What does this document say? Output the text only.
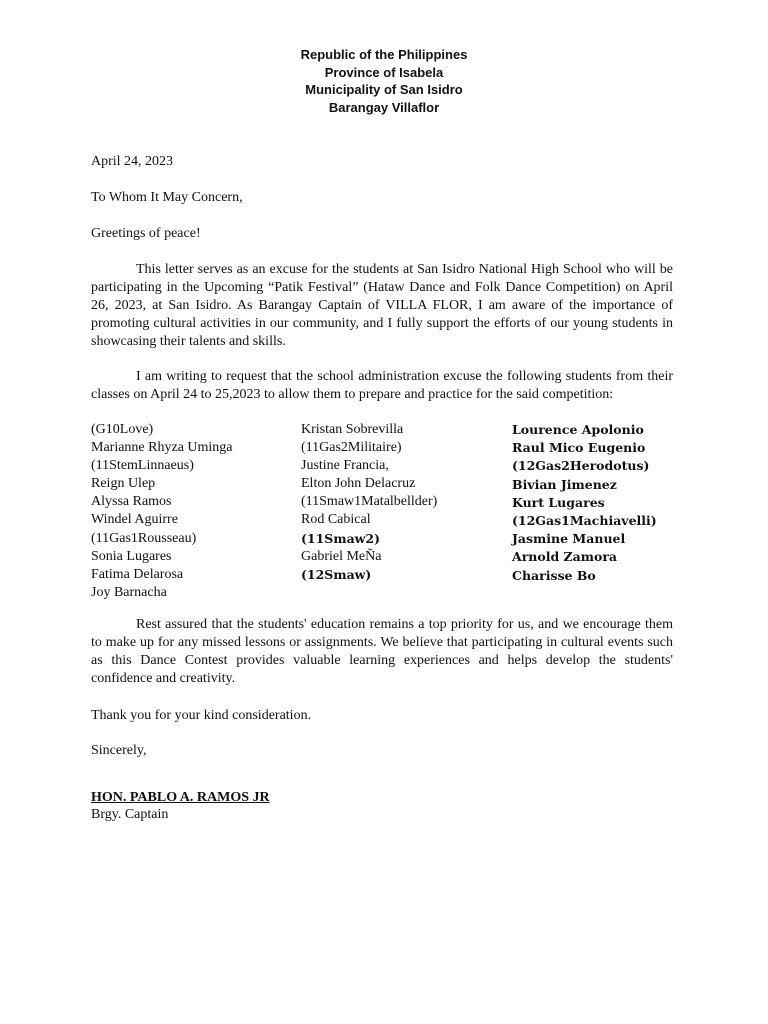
Republic of the Philippines
Province of Isabela
Municipality of San Isidro
Barangay Villaflor
April 24, 2023
To Whom It May Concern,
Greetings of peace!
This letter serves as an excuse for the students at San Isidro National High School who will be participating in the Upcoming “Patik Festival” (Hataw Dance and Folk Dance Competition) on April 26, 2023, at San Isidro. As Barangay Captain of VILLA FLOR, I am aware of the importance of promoting cultural activities in our community, and I fully support the efforts of our young students in showcasing their talents and skills.
I am writing to request that the school administration excuse the following students from their classes on April 24 to 25,2023 to allow them to prepare and practice for the said competition:
(G10Love)
Marianne Rhyza Uminga
(11StemLinnaeus)
Reign Ulep
Alyssa Ramos
Windel Aguirre
(11Gas1Rousseau)
Sonia Lugares
Fatima Delarosa
Joy Barnacha
Kristan Sobrevilla
(11Gas2Militaire)
Justine Francia,
Elton John Delacruz
(11Smaw1Matalbellder)
Rod Cabical
(11Smaw2)
Gabriel MeÑa
(12Smaw)
Lourence Apolonio
Raul Mico Eugenio
(12Gas2Herodotus)
Bivian Jimenez
Kurt Lugares
(12Gas1Machiavelli)
Jasmine Manuel
Arnold Zamora
Charisse Bo
Rest assured that the students' education remains a top priority for us, and we encourage them to make up for any missed lessons or assignments. We believe that participating in cultural events such as this Dance Contest provides valuable learning experiences and helps develop the students' confidence and creativity.
Thank you for your kind consideration.
Sincerely,
HON. PABLO A. RAMOS JR
Brgy. Captain
